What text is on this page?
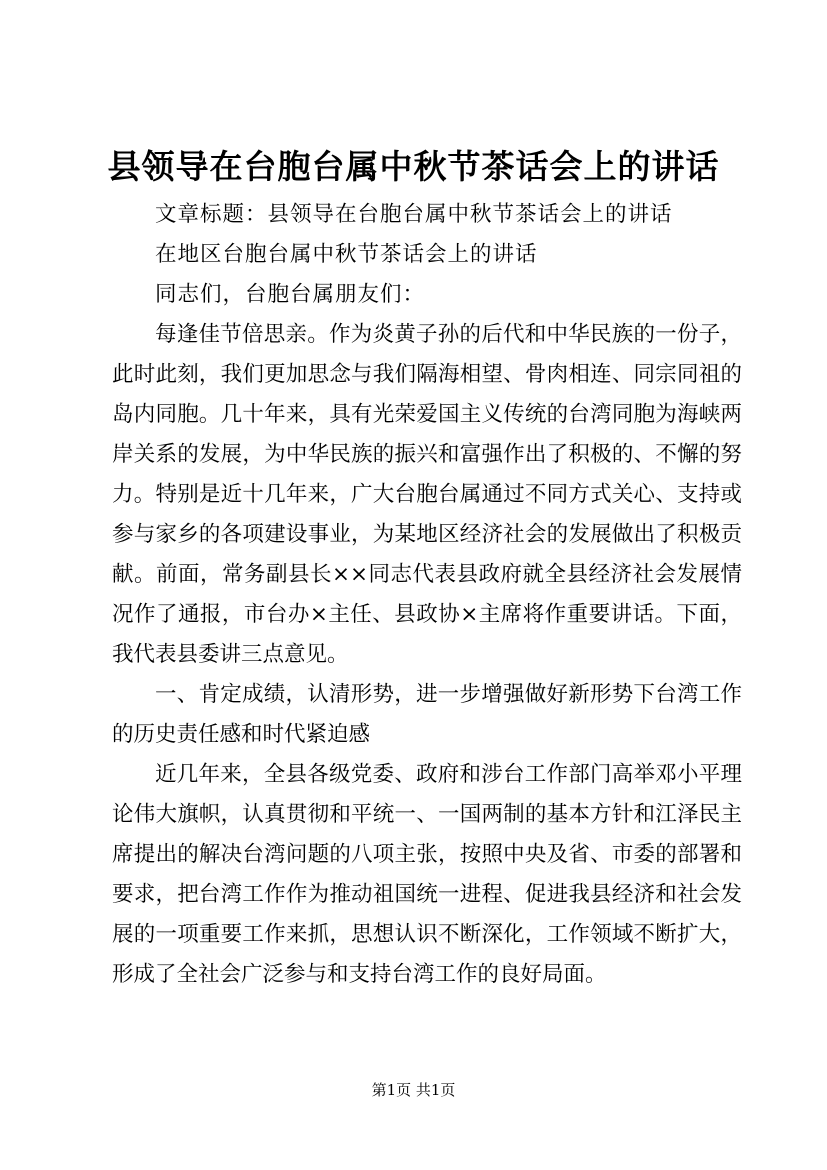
县领导在台胞台属中秋节茶话会上的讲话

文章标题：县领导在台胞台属中秋节茶话会上的讲话

在地区台胞台属中秋节茶话会上的讲话

同志们，台胞台属朋友们：

每逢佳节倍思亲。作为炎黄子孙的后代和中华民族的一份子，此时此刻，我们更加思念与我们隔海相望、骨肉相连、同宗同祖的岛内同胞。几十年来，具有光荣爱国主义传统的台湾同胞为海峡两岸关系的发展，为中华民族的振兴和富强作出了积极的、不懈的努力。特别是近十几年来，广大台胞台属通过不同方式关心、支持或参与家乡的各项建设事业，为某地区经济社会的发展做出了积极贡献。前面，常务副县长××同志代表县政府就全县经济社会发展情况作了通报，市台办×主任、县政协×主席将作重要讲话。下面，我代表县委讲三点意见。

一、肯定成绩，认清形势，进一步增强做好新形势下台湾工作的历史责任感和时代紧迫感

近几年来，全县各级党委、政府和涉台工作部门高举邓小平理论伟大旗帜，认真贯彻和平统一、一国两制的基本方针和江泽民主席提出的解决台湾问题的八项主张，按照中央及省、市委的部署和要求，把台湾工作作为推动祖国统一进程、促进我县经济和社会发展的一项重要工作来抓，思想认识不断深化，工作领域不断扩大，形成了全社会广泛参与和支持台湾工作的良好局面。

第1页 共1页
